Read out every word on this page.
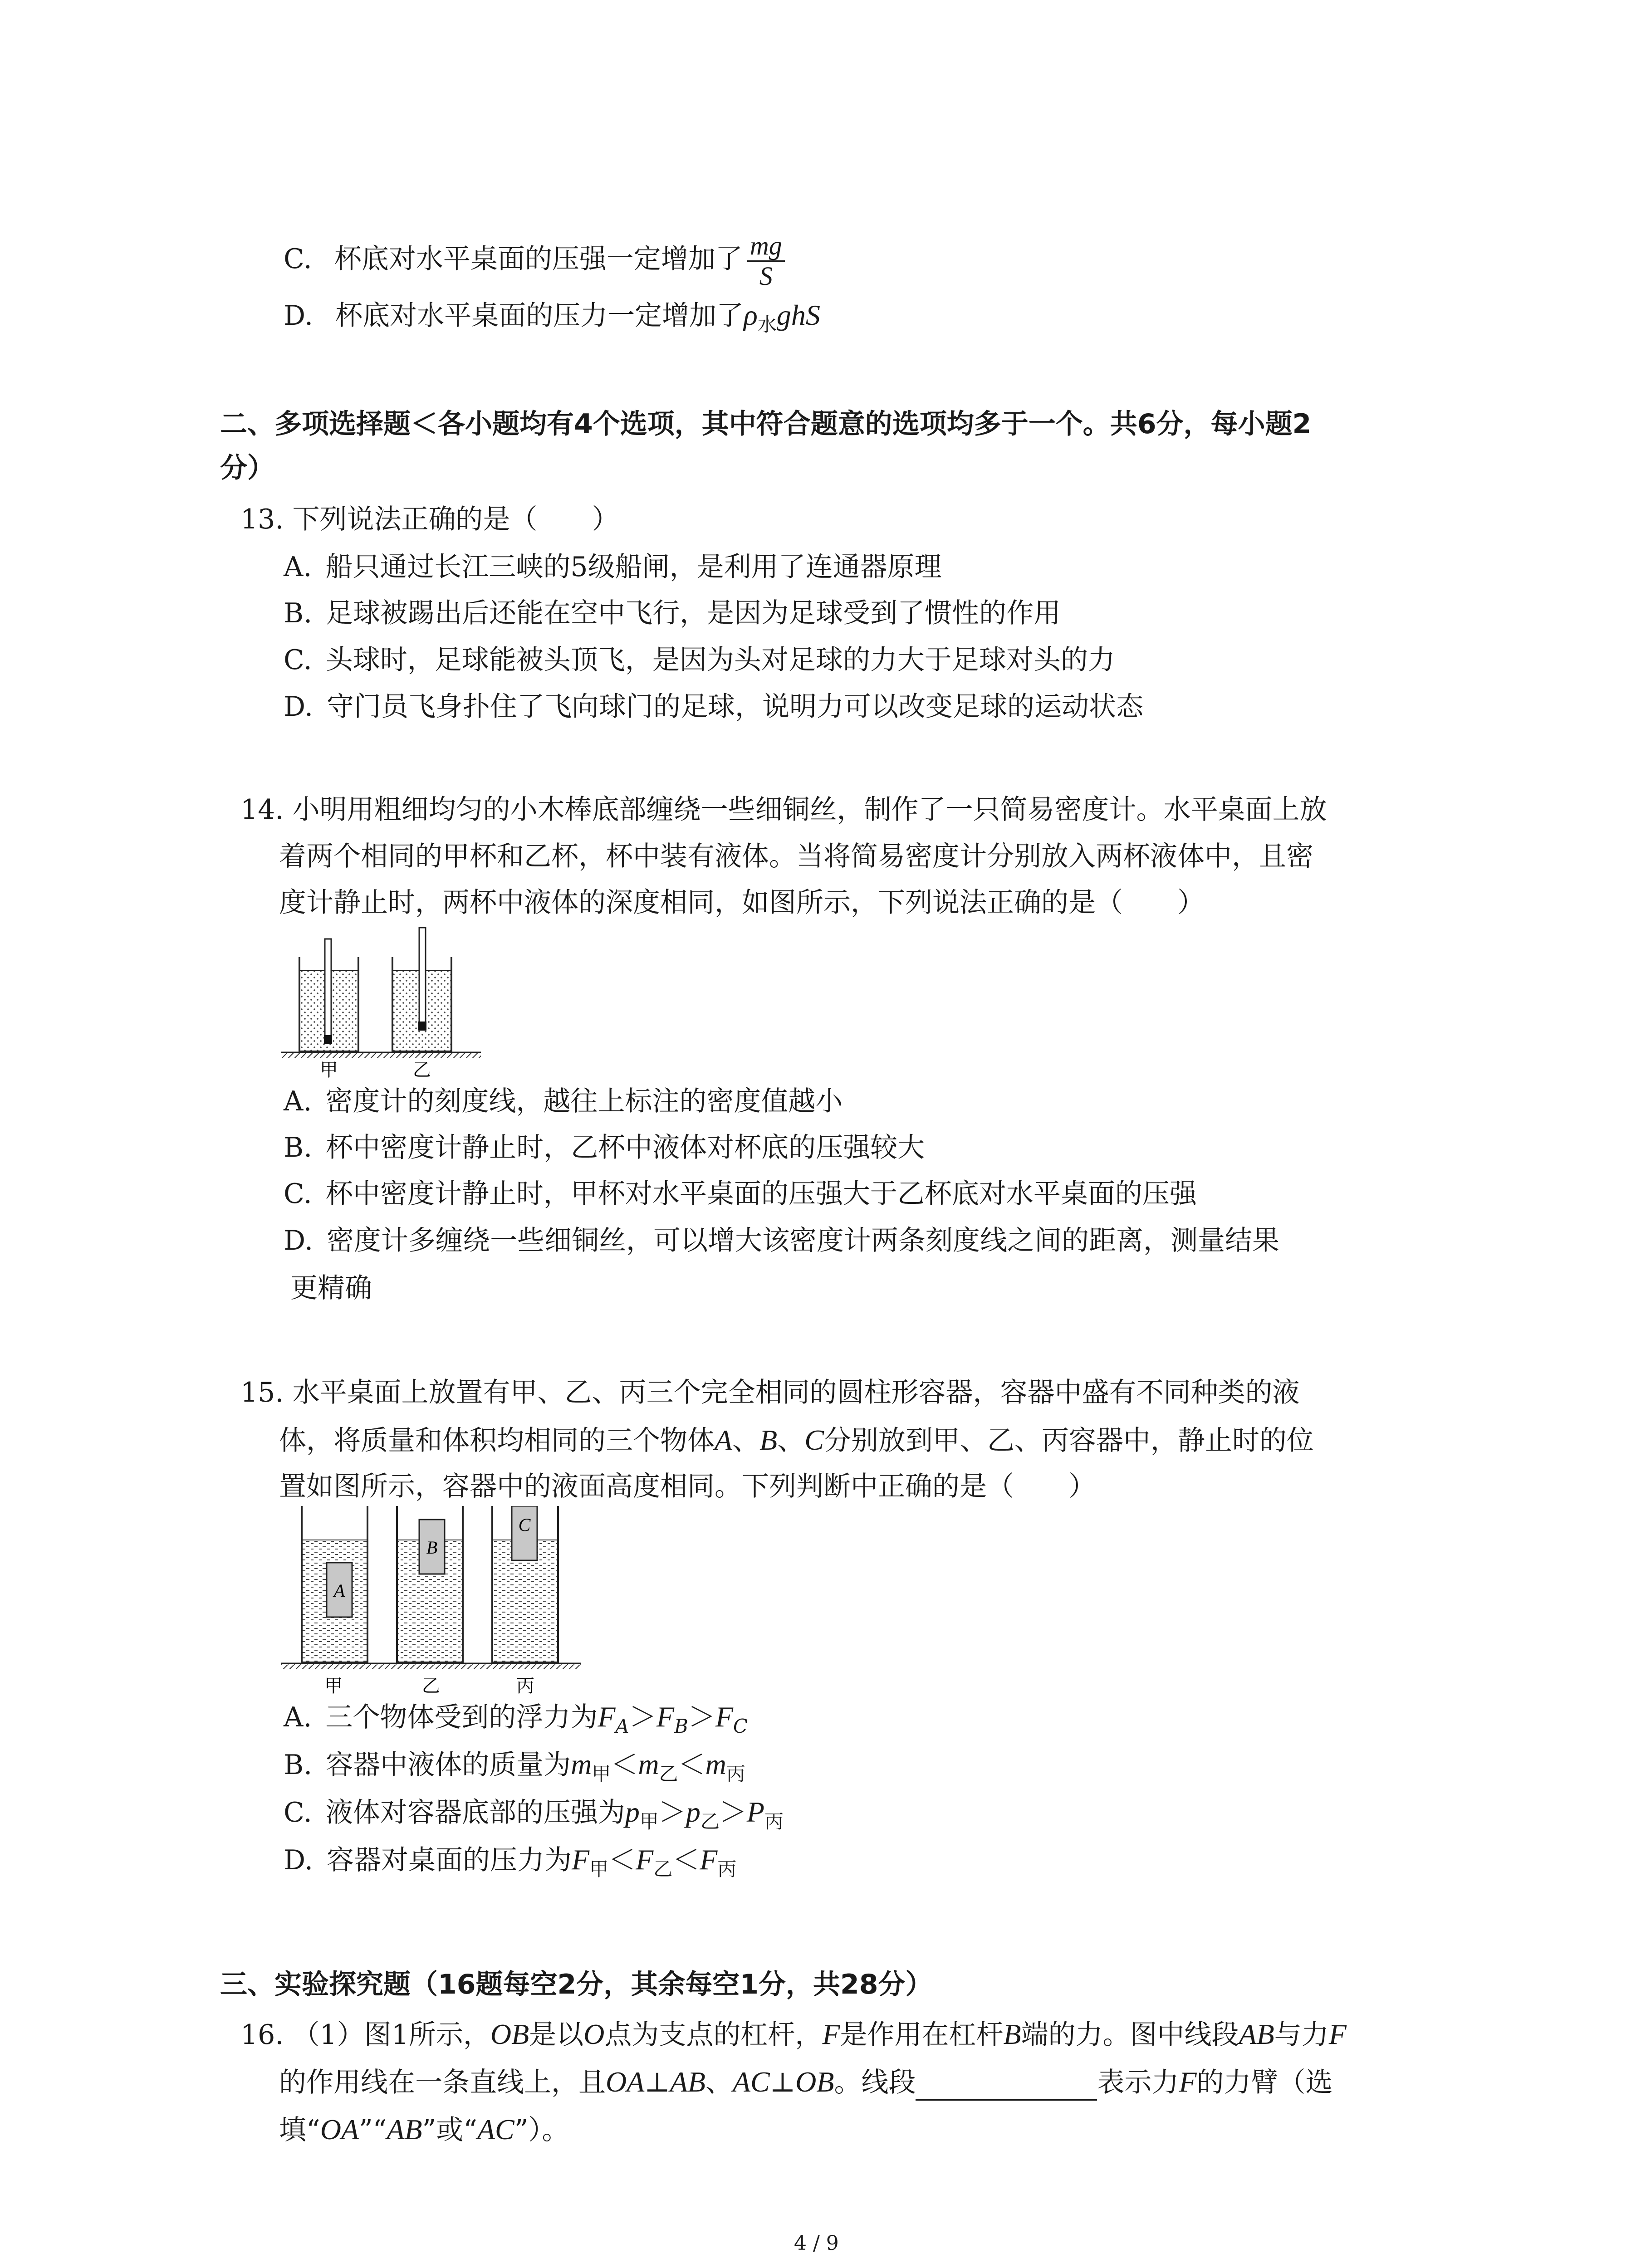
C. 杯底对水平桌面的压强一定增加了 $\frac{mg}{S}$
D. 杯底对水平桌面的压力一定增加了$\rho_水ghS$
二、多项选择题＜各小题均有4个选项，其中符合题意的选项均多于一个。共6分，每小题2
分）
13. 下列说法正确的是（　　）
A. 船只通过长江三峡的5级船闸，是利用了连通器原理
B. 足球被踢出后还能在空中飞行，是因为足球受到了惯性的作用
C. 头球时，足球能被头顶飞，是因为头对足球的力大于足球对头的力
D. 守门员飞身扑住了飞向球门的足球，说明力可以改变足球的运动状态
14. 小明用粗细均匀的小木棒底部缠绕一些细铜丝，制作了一只简易密度计。水平桌面上放
着两个相同的甲杯和乙杯，杯中装有液体。当将简易密度计分别放入两杯液体中，且密
度计静止时，两杯中液体的深度相同，如图所示，下列说法正确的是（　　）
甲	乙
A. 密度计的刻度线，越往上标注的密度值越小
B. 杯中密度计静止时，乙杯中液体对杯底的压强较大
C. 杯中密度计静止时，甲杯对水平桌面的压强大于乙杯底对水平桌面的压强
D. 密度计多缠绕一些细铜丝，可以增大该密度计两条刻度线之间的距离，测量结果
更精确
15. 水平桌面上放置有甲、乙、丙三个完全相同的圆柱形容器，容器中盛有不同种类的液
体，将质量和体积均相同的三个物体A、B、C分别放到甲、乙、丙容器中，静止时的位
置如图所示，容器中的液面高度相同。下列判断中正确的是（　　）
A
B
C
甲	乙	丙
A. 三个物体受到的浮力为$F_A>F_B>F_C$
B. 容器中液体的质量为$m_甲<m_乙<m_丙$
C. 液体对容器底部的压强为$p_甲>p_乙>P_丙$
D. 容器对桌面的压力为$F_甲<F_乙<F_丙$
三、实验探究题（16题每空2分，其余每空1分，共28分）
16. （1）图1所示，OB是以O点为支点的杠杆，F是作用在杠杆B端的力。图中线段AB与力F
的作用线在一条直线上，且OA⊥AB、AC⊥OB。线段	表示力F的力臂（选
填“OA”“AB”或“AC”）。
4 / 9
